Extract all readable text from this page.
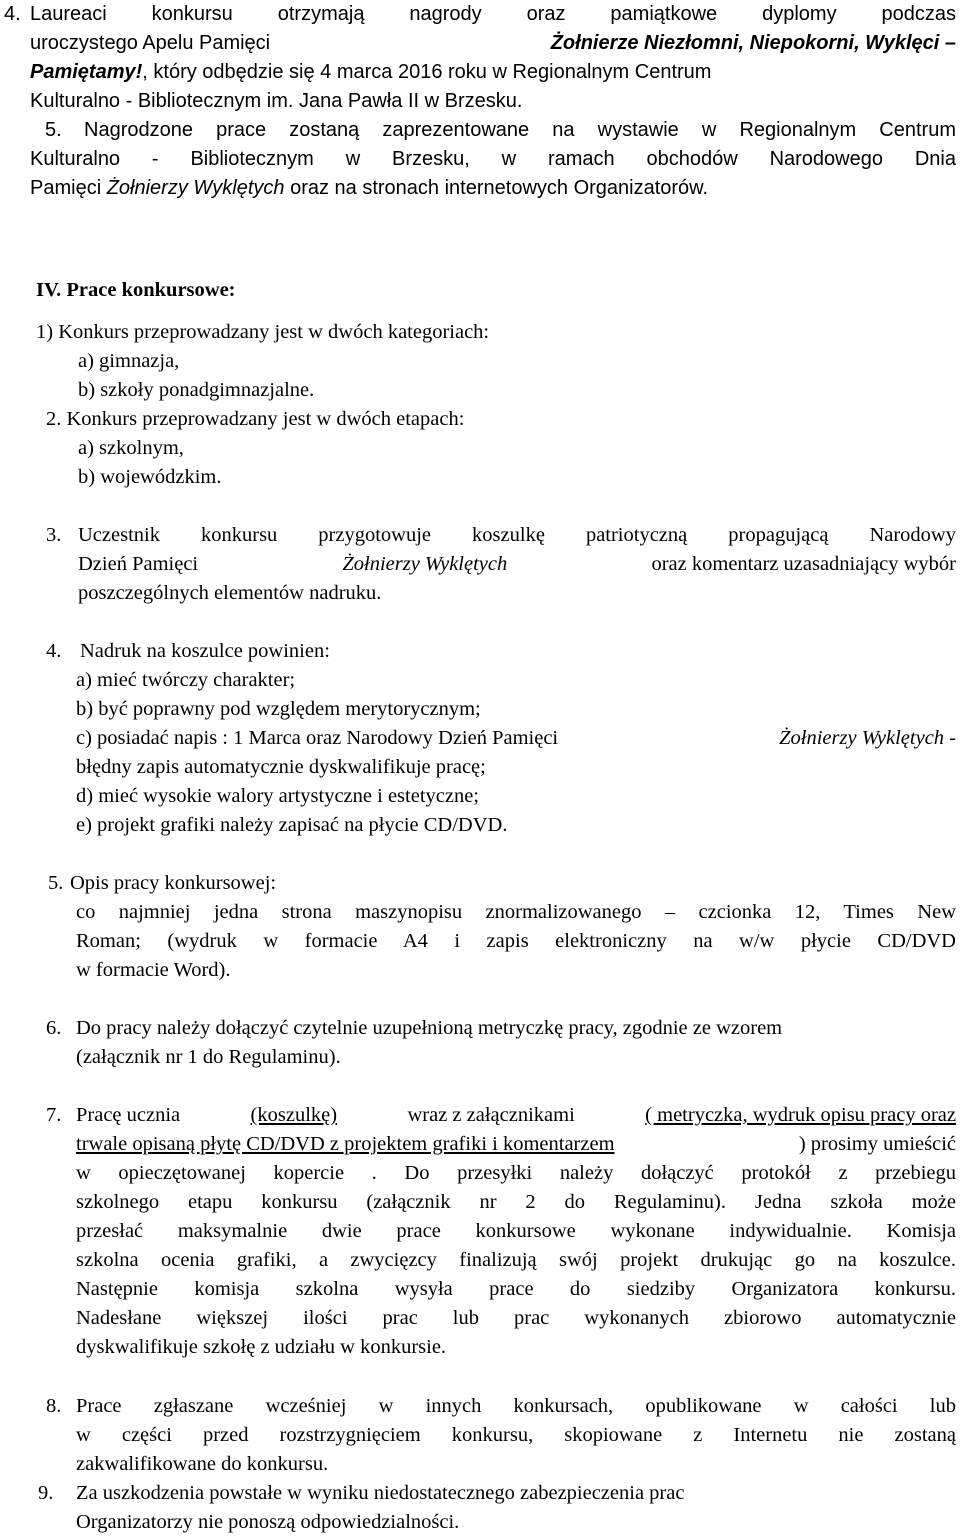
4. Laureaci konkursu otrzymają nagrody oraz pamiątkowe dyplomy podczas
uroczystego Apelu Pamięci	Żołnierze Niezłomni, Niepokorni, Wyklęci –
Pamiętamy!, który odbędzie się 4 marca 2016 roku w Regionalnym Centrum
Kulturalno - Bibliotecznym im. Jana Pawła II w Brzesku.
5. Nagrodzone prace zostaną zaprezentowane na wystawie w Regionalnym Centrum
Kulturalno - Bibliotecznym w Brzesku, w ramach obchodów Narodowego Dnia
Pamięci Żołnierzy Wyklętych oraz na stronach internetowych Organizatorów.
IV. Prace konkursowe:
1) Konkurs przeprowadzany jest w dwóch kategoriach:
a) gimnazja,
b) szkoły ponadgimnazjalne.
2. Konkurs przeprowadzany jest w dwóch etapach:
a) szkolnym,
b) wojewódzkim.
3. Uczestnik konkursu przygotowuje koszulkę patriotyczną propagującą Narodowy
Dzień Pamięci	Żołnierzy Wyklętych	oraz komentarz uzasadniający wybór
poszczególnych elementów nadruku.
4. Nadruk na koszulce powinien:
a) mieć twórczy charakter;
b) być poprawny pod względem merytorycznym;
c) posiadać napis : 1 Marca oraz Narodowy Dzień Pamięci	Żołnierzy Wyklętych -
błędny zapis automatycznie dyskwalifikuje pracę;
d) mieć wysokie walory artystyczne i estetyczne;
e) projekt grafiki należy zapisać na płycie CD/DVD.
5. Opis pracy konkursowej:
co najmniej jedna strona maszynopisu znormalizowanego – czcionka 12, Times New
Roman; (wydruk w formacie A4 i zapis elektroniczny na w/w płycie CD/DVD
w formacie Word).
6. Do pracy należy dołączyć czytelnie uzupełnioną metryczkę pracy, zgodnie ze wzorem
(załącznik nr 1 do Regulaminu).
7. Pracę ucznia	(koszulkę)	wraz z załącznikami	( metryczka, wydruk opisu pracy oraz
trwale opisaną płytę CD/DVD z projektem grafiki i komentarzem	) prosimy umieścić
w opieczętowanej kopercie . Do przesyłki należy dołączyć protokół z przebiegu
szkolnego etapu konkursu (załącznik nr 2 do Regulaminu). Jedna szkoła może
przesłać maksymalnie dwie prace konkursowe wykonane indywidualnie. Komisja
szkolna ocenia grafiki, a zwycięzcy finalizują swój projekt drukując go na koszulce.
Następnie komisja szkolna wysyła prace do siedziby Organizatora konkursu.
Nadesłane większej ilości prac lub prac wykonanych zbiorowo automatycznie
dyskwalifikuje szkołę z udziału w konkursie.
8. Prace zgłaszane wcześniej w innych konkursach, opublikowane w całości lub
w części przed rozstrzygnięciem konkursu, skopiowane z Internetu nie zostaną
zakwalifikowane do konkursu.
9. Za uszkodzenia powstałe w wyniku niedostatecznego zabezpieczenia prac
Organizatorzy nie ponoszą odpowiedzialności.
